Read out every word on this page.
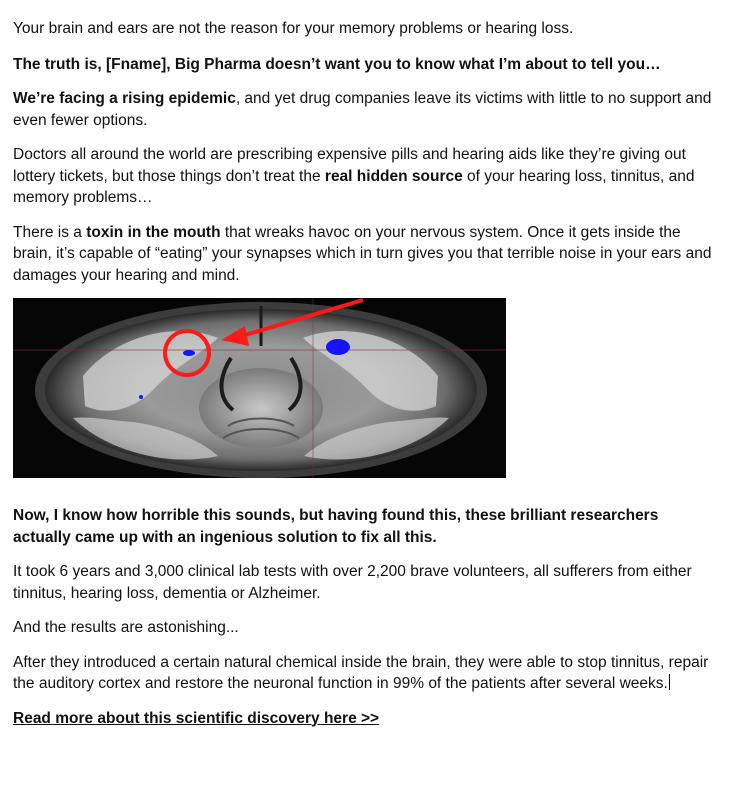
Your brain and ears are not the reason for your memory problems or hearing loss.

The truth is, [Fname], Big Pharma doesn’t want you to know what I’m about to tell you…

We’re facing a rising epidemic, and yet drug companies leave its victims with little to no support and even fewer options.

Doctors all around the world are prescribing expensive pills and hearing aids like they’re giving out lottery tickets, but those things don’t treat the real hidden source of your hearing loss, tinnitus, and memory problems…

There is a toxin in the mouth that wreaks havoc on your nervous system. Once it gets inside the brain, it’s capable of “eating” your synapses which in turn gives you that terrible noise in your ears and damages your hearing and mind.

Now, I know how horrible this sounds, but having found this, these brilliant researchers actually came up with an ingenious solution to fix all this.

It took 6 years and 3,000 clinical lab tests with over 2,200 brave volunteers, all sufferers from either tinnitus, hearing loss, dementia or Alzheimer.

And the results are astonishing...

After they introduced a certain natural chemical inside the brain, they were able to stop tinnitus, repair the auditory cortex and restore the neuronal function in 99% of the patients after several weeks.

Read more about this scientific discovery here >>
